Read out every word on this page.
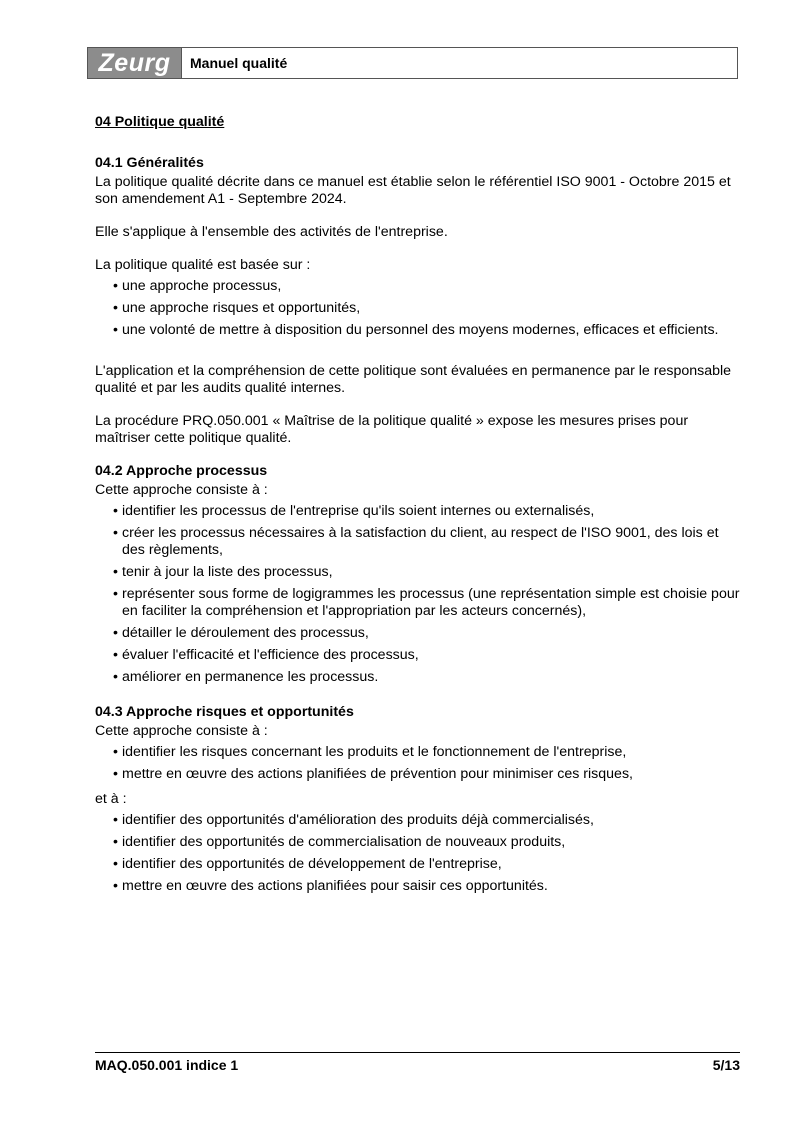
Zeurg	Manuel qualité
04 Politique qualité
04.1 Généralités

La politique qualité décrite dans ce manuel est établie selon le référentiel ISO 9001 - Octobre 2015 et son amendement A1 - Septembre 2024.

Elle s'applique à l'ensemble des activités de l'entreprise.

La politique qualité est basée sur :

• une approche processus,
• une approche risques et opportunités,
• une volonté de mettre à disposition du personnel des moyens modernes, efficaces et efficients.

L'application et la compréhension de cette politique sont évaluées en permanence par le responsable qualité et par les audits qualité internes.

La procédure PRQ.050.001 « Maîtrise de la politique qualité » expose les mesures prises pour maîtriser cette politique qualité.

04.2 Approche processus

Cette approche consiste à :

• identifier les processus de l'entreprise qu'ils soient internes ou externalisés,
• créer les processus nécessaires à la satisfaction du client, au respect de l'ISO 9001, des lois et des règlements,
• tenir à jour la liste des processus,
• représenter sous forme de logigrammes les processus (une représentation simple est choisie pour en faciliter la compréhension et l'appropriation par les acteurs concernés),
• détailler le déroulement des processus,
• évaluer l'efficacité et l'efficience des processus,
• améliorer en permanence les processus.
04.3 Approche risques et opportunités

Cette approche consiste à :

• identifier les risques concernant les produits et le fonctionnement de l'entreprise,
• mettre en œuvre des actions planifiées de prévention pour minimiser ces risques,

et à :

• identifier des opportunités d'amélioration des produits déjà commercialisés,
• identifier des opportunités de commercialisation de nouveaux produits,
• identifier des opportunités de développement de l'entreprise,
• mettre en œuvre des actions planifiées pour saisir ces opportunités.
MAQ.050.001 indice 1	5/13
